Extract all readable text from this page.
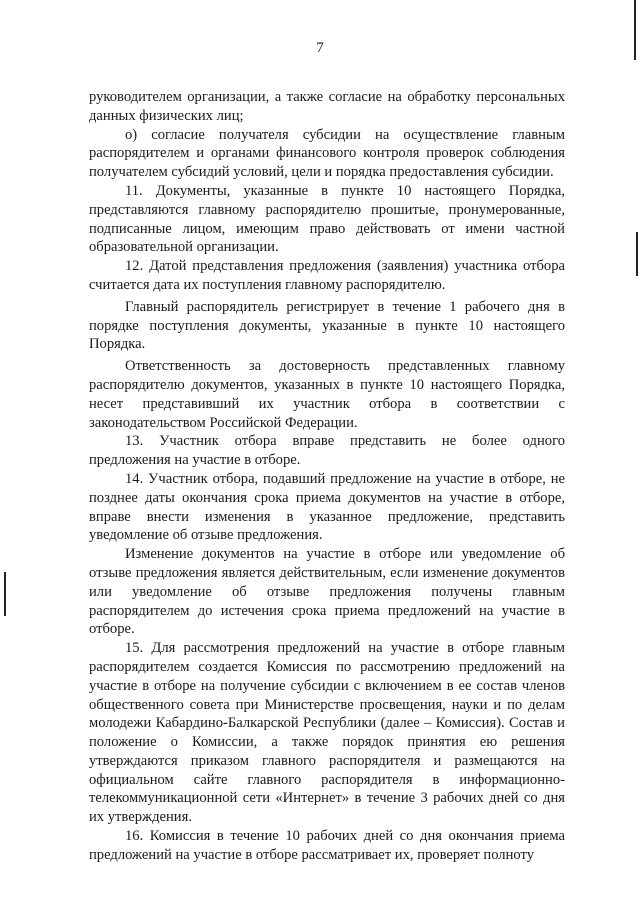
7

руководителем организации, а также согласие на обработку персональных данных физических лиц;

о) согласие получателя субсидии на осуществление главным распорядителем и органами финансового контроля проверок соблюдения получателем субсидий условий, цели и порядка предоставления субсидии.

11. Документы, указанные в пункте 10 настоящего Порядка, представляются главному распорядителю прошитые, пронумерованные, подписанные лицом, имеющим право действовать от имени частной образовательной организации.

12. Датой представления предложения (заявления) участника отбора считается дата их поступления главному распорядителю.

Главный распорядитель регистрирует в течение 1 рабочего дня в порядке поступления документы, указанные в пункте 10 настоящего Порядка.

Ответственность за достоверность представленных главному распорядителю документов, указанных в пункте 10 настоящего Порядка, несет представивший их участник отбора в соответствии с законодательством Российской Федерации.

13. Участник отбора вправе представить не более одного предложения на участие в отборе.

14. Участник отбора, подавший предложение на участие в отборе, не позднее даты окончания срока приема документов на участие в отборе, вправе внести изменения в указанное предложение, представить уведомление об отзыве предложения.

Изменение документов на участие в отборе или уведомление об отзыве предложения является действительным, если изменение документов или уведомление об отзыве предложения получены главным распорядителем до истечения срока приема предложений на участие в отборе.

15. Для рассмотрения предложений на участие в отборе главным распорядителем создается Комиссия по рассмотрению предложений на участие в отборе на получение субсидии с включением в ее состав членов общественного совета при Министерстве просвещения, науки и по делам молодежи Кабардино-Балкарской Республики (далее – Комиссия). Состав и положение о Комиссии, а также порядок принятия ею решения утверждаются приказом главного распорядителя и размещаются на официальном сайте главного распорядителя в информационно-телекоммуникационной сети «Интернет» в течение 3 рабочих дней со дня их утверждения.

16. Комиссия в течение 10 рабочих дней со дня окончания приема предложений на участие в отборе рассматривает их, проверяет полноту
